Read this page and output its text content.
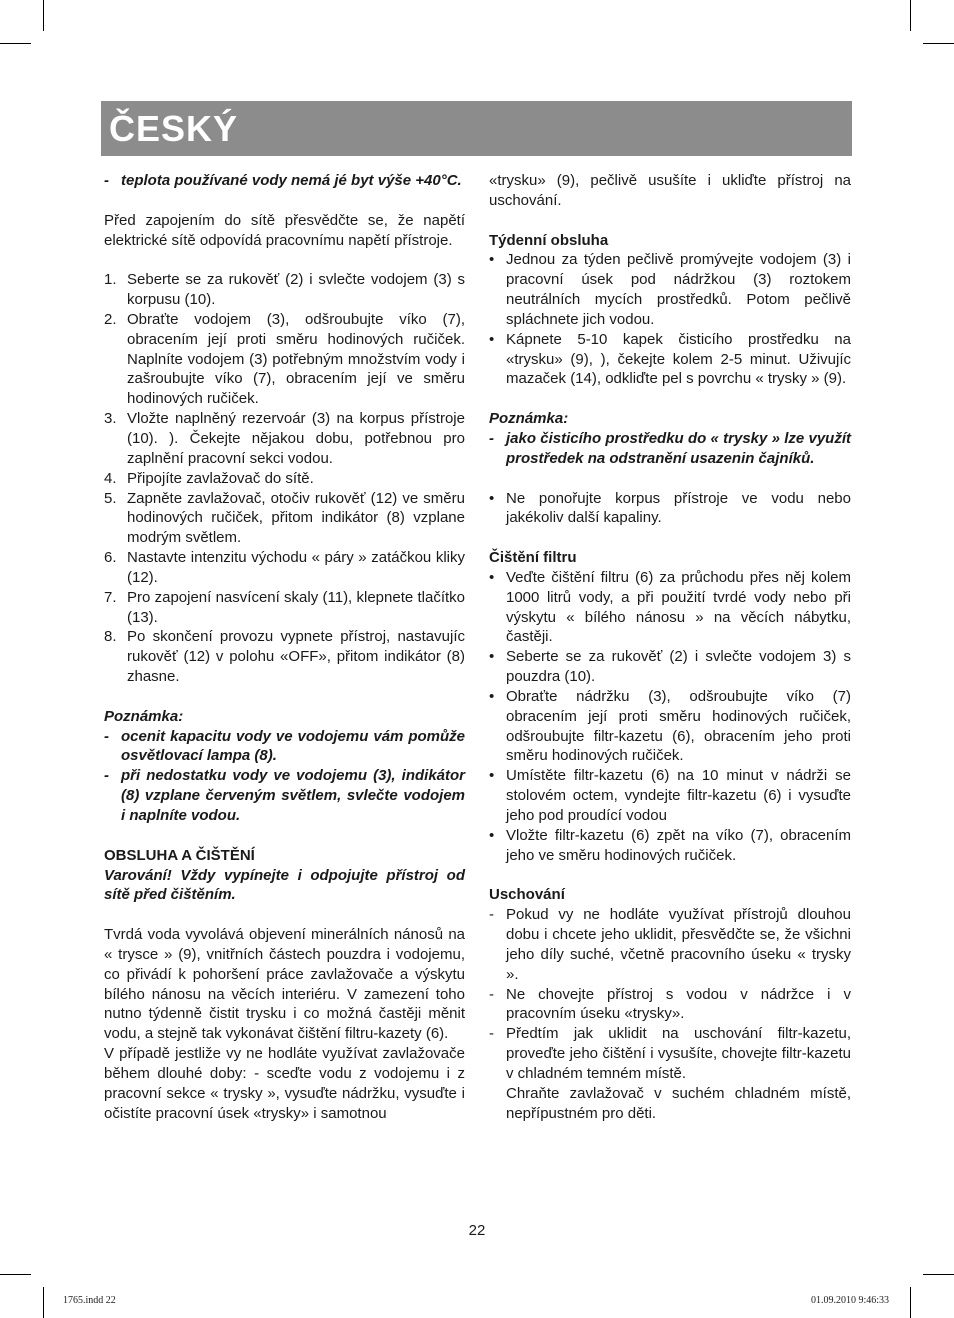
ČESKÝ
- teplota používané vody nemá jé byt výše +40°C.

Před zapojením do sítě přesvědčte se, že napětí elektrické sítě odpovídá pracovnímu napětí přístroje.

1. Seberte se za rukověť (2) i svlečte vodojem (3) s korpusu (10).
2. Obraťte vodojem (3), odšroubujte víko (7), obracením její proti směru hodinových ručiček. Naplníte vodojem (3) potřebným množstvím vody i zašroubujte víko (7), obracením její ve směru hodinových ručiček.
3. Vložte naplněný rezervoár (3) na korpus přístroje (10). ). Čekejte nějakou dobu, potřebnou pro zaplnění pracovní sekci vodou.
4. Připojíte zavlažovač do sítě.
5. Zapněte zavlažovač, otočiv rukověť (12) ve směru hodinových ručiček, přitom indikátor (8) vzplane modrým světlem.
6. Nastavte intenzitu východu « páry » zatáčkou kliky (12).
7. Pro zapojení nasvícení skaly (11), klepnete tlačítko (13).
8. Po skončení provozu vypnete přístroj, nastavujíc rukověť (12) v polohu «OFF», přitom indikátor (8) zhasne.

Poznámka:

- ocenit kapacitu vody ve vodojemu vám pomůže osvětlovací lampa (8).
- při nedostatku vody ve vodojemu (3), indikátor (8) vzplane červeným světlem, svlečte vodojem i naplníte vodou.

OBSLUHA A ČIŠTĚNÍ

Varování! Vždy vypínejte i odpojujte přístroj od sítě před čištěním.

Tvrdá voda vyvolává objevení minerálních nánosů na « trysce » (9), vnitřních částech pouzdra i vodojemu, co přivádí k pohoršení práce zavlažovače a výskytu bílého nánosu na věcích interiéru. V zamezení toho nutno týdenně čistit trysku i co možná častěji měnit vodu, a stejně tak vykonávat čištění filtru-kazety (6).

V případě jestliže vy ne hodláte využívat zavlažovače během dlouhé doby: - sceďte vodu z vodojemu i z pracovní sekce « trysky », vysuďte nádržku, vysuďte i očistíte pracovní úsek «trysky» i samotnou

«trysku» (9), pečlivě usušíte i ukliďte přístroj na uschování.

Týdenní obsluha

• Jednou za týden pečlivě promývejte vodojem (3) i pracovní úsek pod nádržkou (3) roztokem neutrálních mycích prostředků. Potom pečlivě spláchnete jich vodou.
• Kápnete 5-10 kapek čisticího prostředku na «trysku» (9), ), čekejte kolem 2-5 minut. Uživujíc mazaček (14), odkliďte pel s povrchu « trysky » (9).

Poznámka:

- jako čisticího prostředku do « trysky » lze využít prostředek na odstranění usazenin čajníků.
• Ne ponořujte korpus přístroje ve vodu nebo jakékoliv další kapaliny.

Čištění filtru

• Veďte čištění filtru (6) za průchodu přes něj kolem 1000 litrů vody, a při použití tvrdé vody nebo při výskytu « bílého nánosu » na věcích nábytku, častěji.
• Seberte se za rukověť (2) i svlečte vodojem 3) s pouzdra (10).
• Obraťte nádržku (3), odšroubujte víko (7) obracením její proti směru hodinových ručiček, odšroubujte filtr-kazetu (6), obracením jeho proti směru hodinových ručiček.
• Umístěte filtr-kazetu (6) na 10 minut v nádrži se stolovém octem, vyndejte filtr-kazetu (6) i vysuďte jeho pod proudící vodou
• Vložte filtr-kazetu (6) zpět na víko (7), obracením jeho ve směru hodinových ručiček.

Uschování

- Pokud vy ne hodláte využívat přístrojů dlouhou dobu i chcete jeho uklidit, přesvědčte se, že všichni jeho díly suché, včetně pracovního úseku « trysky ».
- Ne chovejte přístroj s vodou v nádržce i v pracovním úseku «trysky».
- Předtím jak uklidit na uschování filtr-kazetu, proveďte jeho čištění i vysušíte, chovejte filtr-kazetu v chladném temném místě.
Chraňte zavlažovač v suchém chladném místě, nepřípustném pro děti.
22
1765.indd 22	01.09.2010 9:46:33
